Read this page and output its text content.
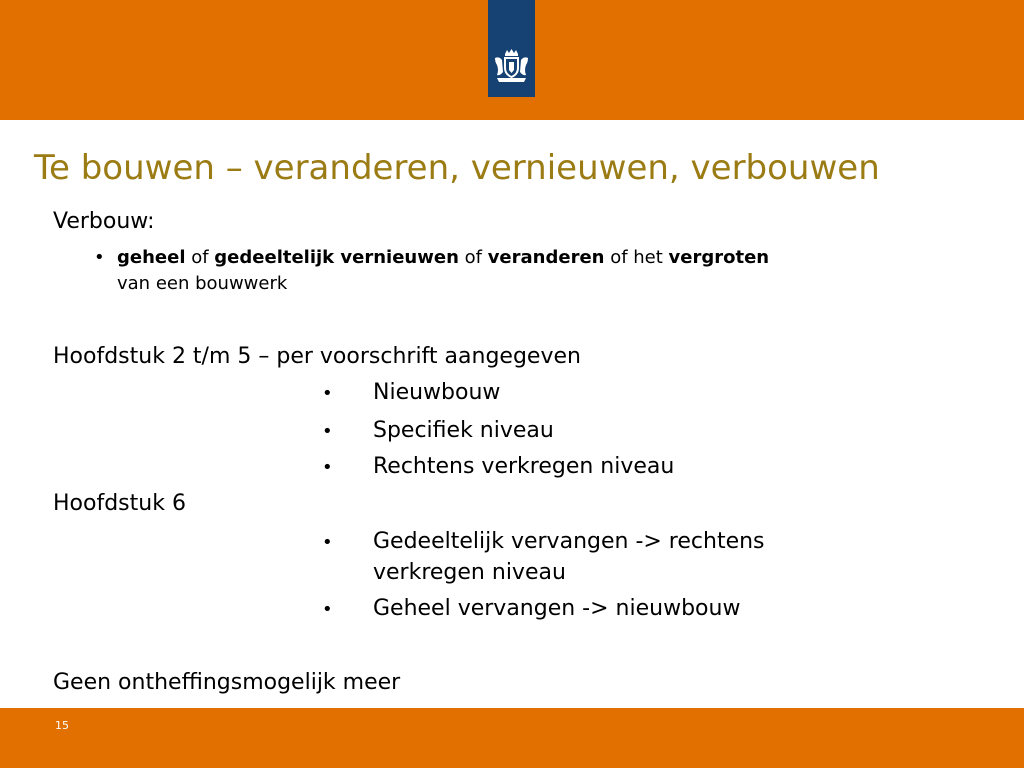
Te bouwen – veranderen, vernieuwen, verbouwen
Verbouw:
• geheel of gedeeltelijk vernieuwen of veranderen of het vergroten
van een bouwwerk
Hoofdstuk 2 t/m 5 – per voorschrift aangegeven
• Nieuwbouw
• Specifiek niveau
• Rechtens verkregen niveau
Hoofdstuk 6
• Gedeeltelijk vervangen -> rechtens
verkregen niveau
• Geheel vervangen -> nieuwbouw
Geen ontheffingsmogelijk meer
15
